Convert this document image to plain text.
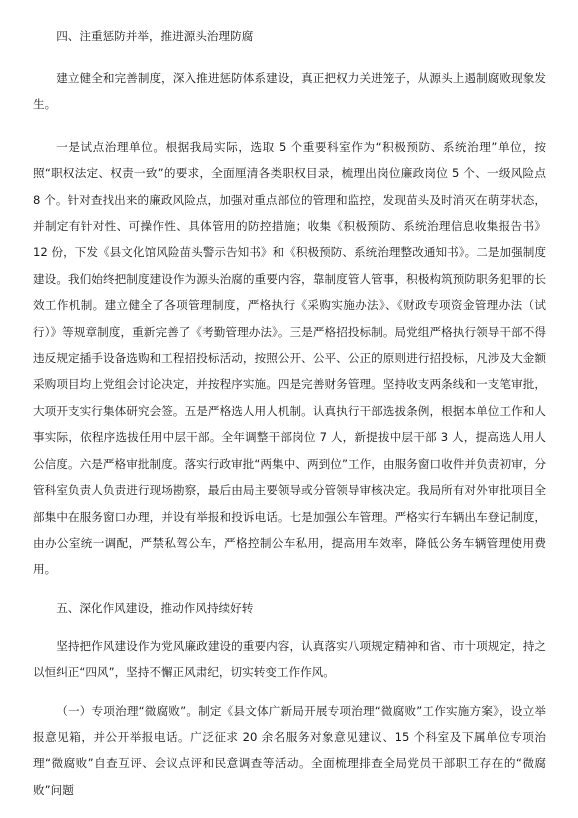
四、注重惩防并举，推进源头治理防腐

建立健全和完善制度，深入推进惩防体系建设，真正把权力关进笼子，从源头上遏制腐败现象发生。

一是试点治理单位。根据我局实际，选取 5 个重要科室作为“积极预防、系统治理”单位，按照“职权法定、权责一致”的要求，全面厘清各类职权目录，梳理出岗位廉政岗位 5 个、一级风险点 8 个。针对查找出来的廉政风险点，加强对重点部位的管理和监控，发现苗头及时消灭在萌芽状态，并制定有针对性、可操作性、具体管用的防控措施；收集《积极预防、系统治理信息收集报告书》12 份，下发《县文化馆风险苗头警示告知书》和《积极预防、系统治理整改通知书》。二是加强制度建设。我们始终把制度建设作为源头治腐的重要内容，靠制度管人管事，积极构筑预防职务犯罪的长效工作机制。建立健全了各项管理制度，严格执行《采购实施办法》、《财政专项资金管理办法（试行）》等规章制度，重新完善了《考勤管理办法》。三是严格招投标制。局党组严格执行领导干部不得违反规定插手设备选购和工程招投标活动，按照公开、公平、公正的原则进行招投标，凡涉及大金额采购项目均上党组会讨论决定，并按程序实施。四是完善财务管理。坚持收支两条线和一支笔审批，大项开支实行集体研究会签。五是严格选人用人机制。认真执行干部选拔条例，根据本单位工作和人事实际，依程序选拔任用中层干部。全年调整干部岗位 7 人，新提拔中层干部 3 人，提高选人用人公信度。六是严格审批制度。落实行政审批“两集中、两到位”工作，由服务窗口收件并负责初审，分管科室负责人负责进行现场勘察，最后由局主要领导或分管领导审核决定。我局所有对外审批项目全部集中在服务窗口办理，并设有举报和投诉电话。七是加强公车管理。严格实行车辆出车登记制度，由办公室统一调配，严禁私驾公车，严格控制公车私用，提高用车效率，降低公务车辆管理使用费用。

五、深化作风建设，推动作风持续好转

坚持把作风建设作为党风廉政建设的重要内容，认真落实八项规定精神和省、市十项规定，持之以恒纠正“四风”，坚持不懈正风肃纪，切实转变工作作风。

（一）专项治理“微腐败”。制定《县文体广新局开展专项治理“微腐败”工作实施方案》，设立举报意见箱，并公开举报电话。广泛征求 20 余名服务对象意见建议、15 个科室及下属单位专项治理“微腐败”自查互评、会议点评和民意调查等活动。全面梳理排查全局党员干部职工存在的“微腐败”问题
